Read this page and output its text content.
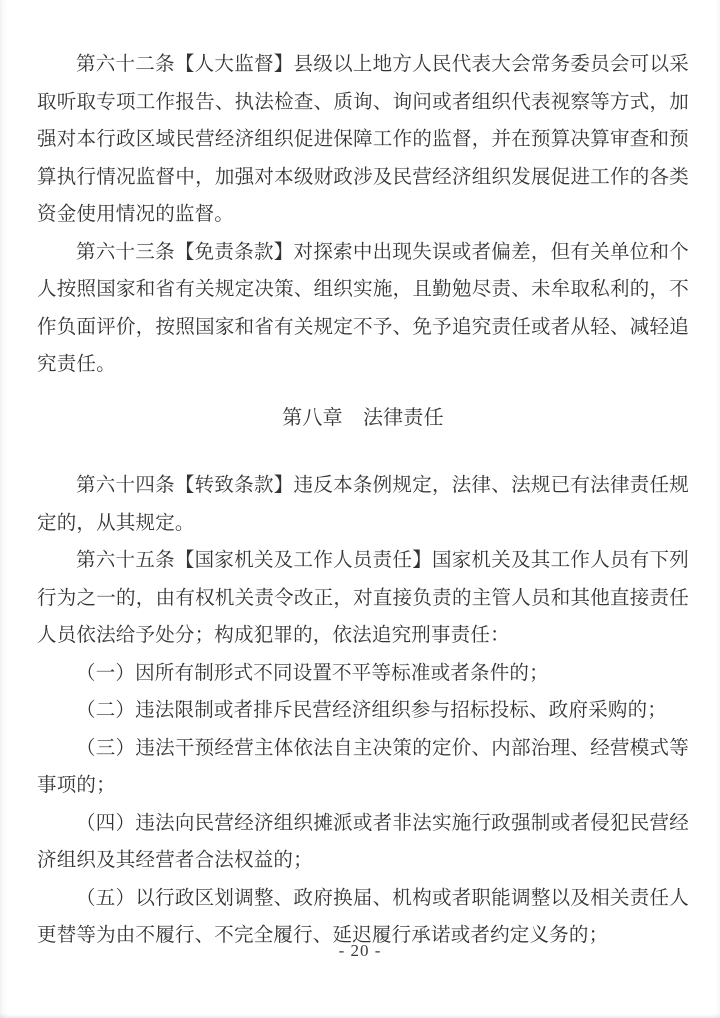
第六十二条【人大监督】县级以上地方人民代表大会常务委员会可以采取听取专项工作报告、执法检查、质询、询问或者组织代表视察等方式，加强对本行政区域民营经济组织促进保障工作的监督，并在预算决算审查和预算执行情况监督中，加强对本级财政涉及民营经济组织发展促进工作的各类资金使用情况的监督。

第六十三条【免责条款】对探索中出现失误或者偏差，但有关单位和个人按照国家和省有关规定决策、组织实施，且勤勉尽责、未牟取私利的，不作负面评价，按照国家和省有关规定不予、免予追究责任或者从轻、减轻追究责任。

第八章　法律责任

第六十四条【转致条款】违反本条例规定，法律、法规已有法律责任规定的，从其规定。

第六十五条【国家机关及工作人员责任】国家机关及其工作人员有下列行为之一的，由有权机关责令改正，对直接负责的主管人员和其他直接责任人员依法给予处分；构成犯罪的，依法追究刑事责任：

（一）因所有制形式不同设置不平等标准或者条件的；

（二）违法限制或者排斥民营经济组织参与招标投标、政府采购的；

（三）违法干预经营主体依法自主决策的定价、内部治理、经营模式等事项的；

（四）违法向民营经济组织摊派或者非法实施行政强制或者侵犯民营经济组织及其经营者合法权益的；

（五）以行政区划调整、政府换届、机构或者职能调整以及相关责任人更替等为由不履行、不完全履行、延迟履行承诺或者约定义务的；

- 20 -
